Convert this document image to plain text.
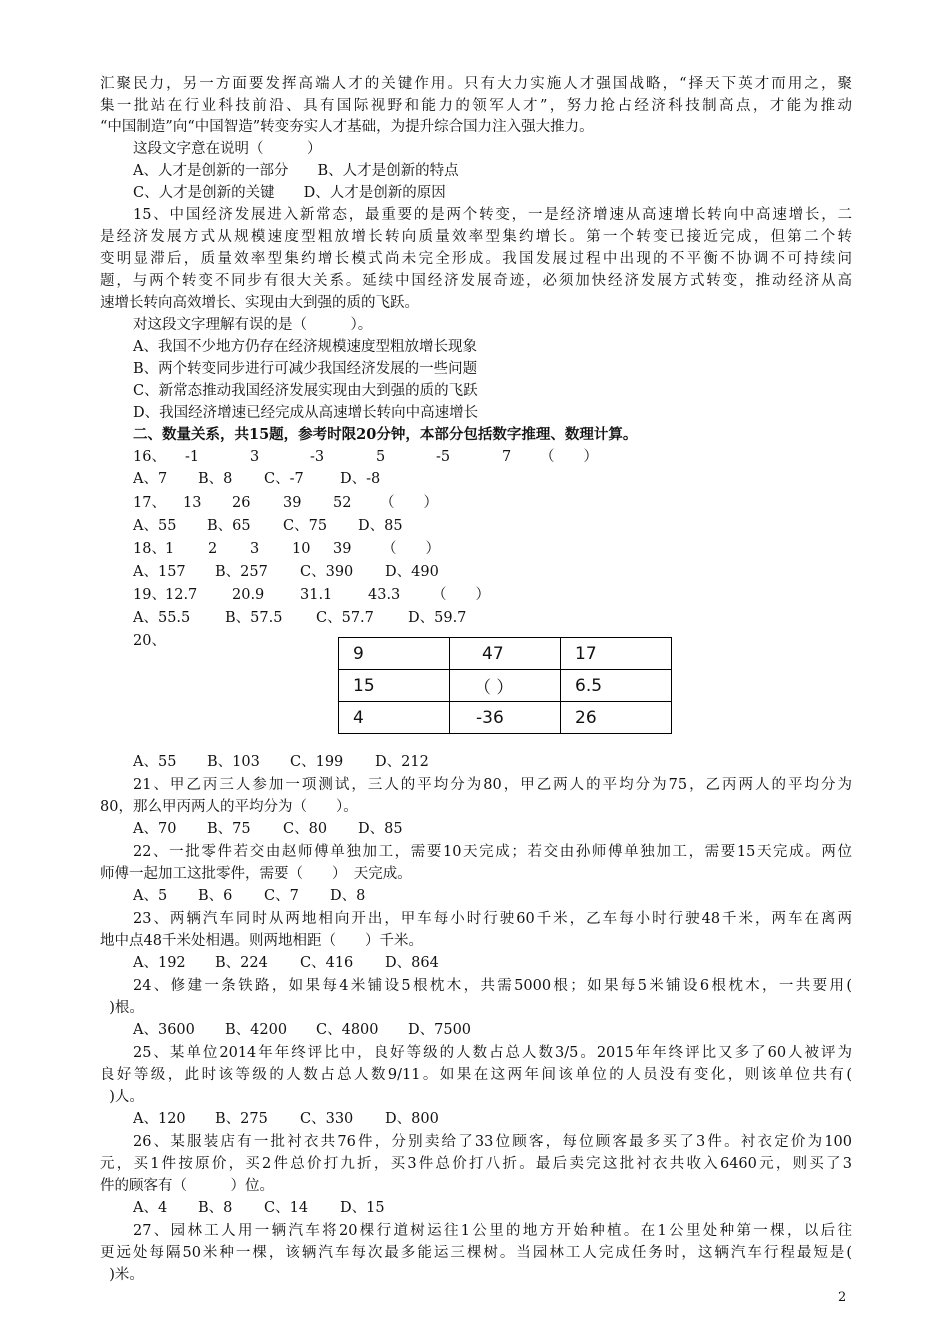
汇聚民力，另一方面要发挥高端人才的关键作用。只有大力实施人才强国战略，“择天下英才而用之，聚

集一批站在行业科技前沿、具有国际视野和能力的领军人才”，努力抢占经济科技制高点，才能为推动

“中国制造”向“中国智造”转变夯实人才基础，为提升综合国力注入强大推力。

这段文字意在说明（　　　）

A、人才是创新的一部分　　B、人才是创新的特点

C、人才是创新的关键　　D、人才是创新的原因

15、中国经济发展进入新常态，最重要的是两个转变，一是经济增速从高速增长转向中高速增长，二

是经济发展方式从规模速度型粗放增长转向质量效率型集约增长。第一个转变已接近完成，但第二个转

变明显滞后，质量效率型集约增长模式尚未完全形成。我国发展过程中出现的不平衡不协调不可持续问

题，与两个转变不同步有很大关系。延续中国经济发展奇迹，必须加快经济发展方式转变，推动经济从高

速增长转向高效增长、实现由大到强的质的飞跃。

对这段文字理解有误的是（　　　）。

A、我国不少地方仍存在经济规模速度型粗放增长现象

B、两个转变同步进行可减少我国经济发展的一些问题

C、新常态推动我国经济发展实现由大到强的质的飞跃

D、我国经济增速已经完成从高速增长转向中高速增长

二、数量关系，共15题，参考时限20分钟，本部分包括数字推理、数理计算。

16、 -1	3	-3	5	-5	7 （　　）
A、7 B、8 C、-7	D、-8
17、 13 26 39 52 （　　）
A、55 B、65 C、75 D、85
18、 1 2 3 10 39 （　　）
A、157 B、257 C、390 D、490
19、 12.7 20.9 31.1 43.3 （　　）
A、55.5 B、57.5 C、57.7 D、59.7
20、
9	47	17
15	（ ）	6.5
4	-36	26
A、55 B、103 C、199 D、212

21、甲乙丙三人参加一项测试，三人的平均分为80，甲乙两人的平均分为75，乙丙两人的平均分为

80，那么甲丙两人的平均分为（　　）。

A、70 B、75 C、80 D、85

22、一批零件若交由赵师傅单独加工，需要10天完成；若交由孙师傅单独加工，需要15天完成。两位

师傅一起加工这批零件，需要（　　）　天完成。

A、5 B、6 C、7 D、8

23、两辆汽车同时从两地相向开出，甲车每小时行驶60千米，乙车每小时行驶48千米，两车在离两

地中点48千米处相遇。则两地相距（　　）千米。

A、192 B、224 C、416 D、864

24、修建一条铁路，如果每4米铺设5根枕木，共需5000根；如果每5米铺设6根枕木，一共要用(

)根。

A、3600 B、4200 C、4800 D、7500

25、某单位2014年年终评比中，良好等级的人数占总人数3/5。2015年年终评比又多了60人被评为

良好等级，此时该等级的人数占总人数9/11。如果在这两年间该单位的人员没有变化，则该单位共有(

)人。

A、120 B、275 C、330 D、800

26、某服装店有一批衬衣共76件，分别卖给了33位顾客，每位顾客最多买了3件。衬衣定价为100

元，买1件按原价，买2件总价打九折，买3件总价打八折。最后卖完这批衬衣共收入6460元，则买了3

件的顾客有（　　　）位。

A、4 B、8 C、14 D、15

27、园林工人用一辆汽车将20棵行道树运往1公里的地方开始种植。在1公里处种第一棵，以后往

更远处每隔50米种一棵，该辆汽车每次最多能运三棵树。当园林工人完成任务时，这辆汽车行程最短是(

)米。

2
